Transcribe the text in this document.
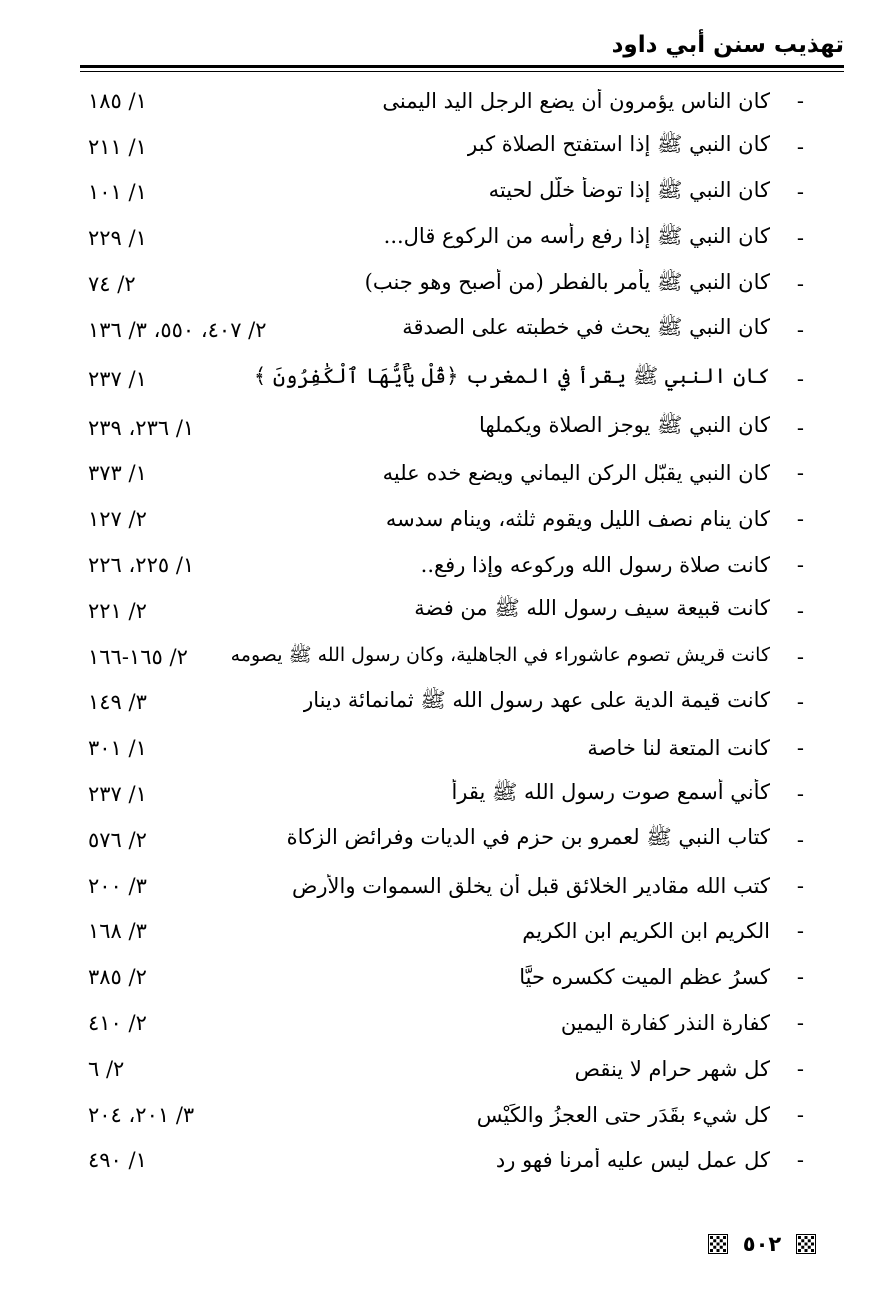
تهذيب سنن أبي داود
-
كان الناس يؤمرون أن يضع الرجل اليد اليمنى
١/ ١٨٥
-
كان النبي ﷺ إذا استفتح الصلاة كبر
١/ ٢١١
-
كان النبي ﷺ إذا توضأ خلّل لحيته
١/ ١٠١
-
كان النبي ﷺ إذا رفع رأسه من الركوع قال...
١/ ٢٢٩
-
كان النبي ﷺ يأمر بالفطر (من أصبح وهو جنب)
٢/ ٧٤
-
كان النبي ﷺ يحث في خطبته على الصدقة
٢/ ٤٠٧، ٥٥٠، ٣/ ١٣٦
-
كان النبي ﷺ يقرأ في المغرب ﴿قُلْ يَٰٓأَيُّهَا ٱلْكَٰفِرُونَ ﴾
١/ ٢٣٧
-
كان النبي ﷺ يوجز الصلاة ويكملها
١/ ٢٣٦، ٢٣٩
-
كان النبي يقبّل الركن اليماني ويضع خده عليه
١/ ٣٧٣
-
كان ينام نصف الليل ويقوم ثلثه، وينام سدسه
٢/ ١٢٧
-
كانت صلاة رسول الله وركوعه وإذا رفع..
١/ ٢٢٥، ٢٢٦
-
كانت قبيعة سيف رسول الله ﷺ من فضة
٢/ ٢٢١
-
كانت قريش تصوم عاشوراء في الجاهلية، وكان رسول الله ﷺ يصومه
٢/ ١٦٥-١٦٦
-
كانت قيمة الدية على عهد رسول الله ﷺ ثمانمائة دينار
٣/ ١٤٩
-
كانت المتعة لنا خاصة
١/ ٣٠١
-
كأني أسمع صوت رسول الله ﷺ يقرأ
١/ ٢٣٧
-
كتاب النبي ﷺ لعمرو بن حزم في الديات وفرائض الزكاة
٢/ ٥٧٦
-
كتب الله مقادير الخلائق قبل أن يخلق السموات والأرض
٣/ ٢٠٠
-
الكريم ابن الكريم ابن الكريم
٣/ ١٦٨
-
كسرُ عظمِ الميت ككسره حيًّا
٢/ ٣٨٥
-
كفارة النذر كفارة اليمين
٢/ ٤١٠
-
كل شهر حرام لا ينقص
٢/ ٦
-
كل شيء بقَدَرٍ حتى العجزُ والكَيْس
٣/ ٢٠١، ٢٠٤
-
كل عمل ليس عليه أمرنا فهو رد
١/ ٤٩٠
٥٠٢
